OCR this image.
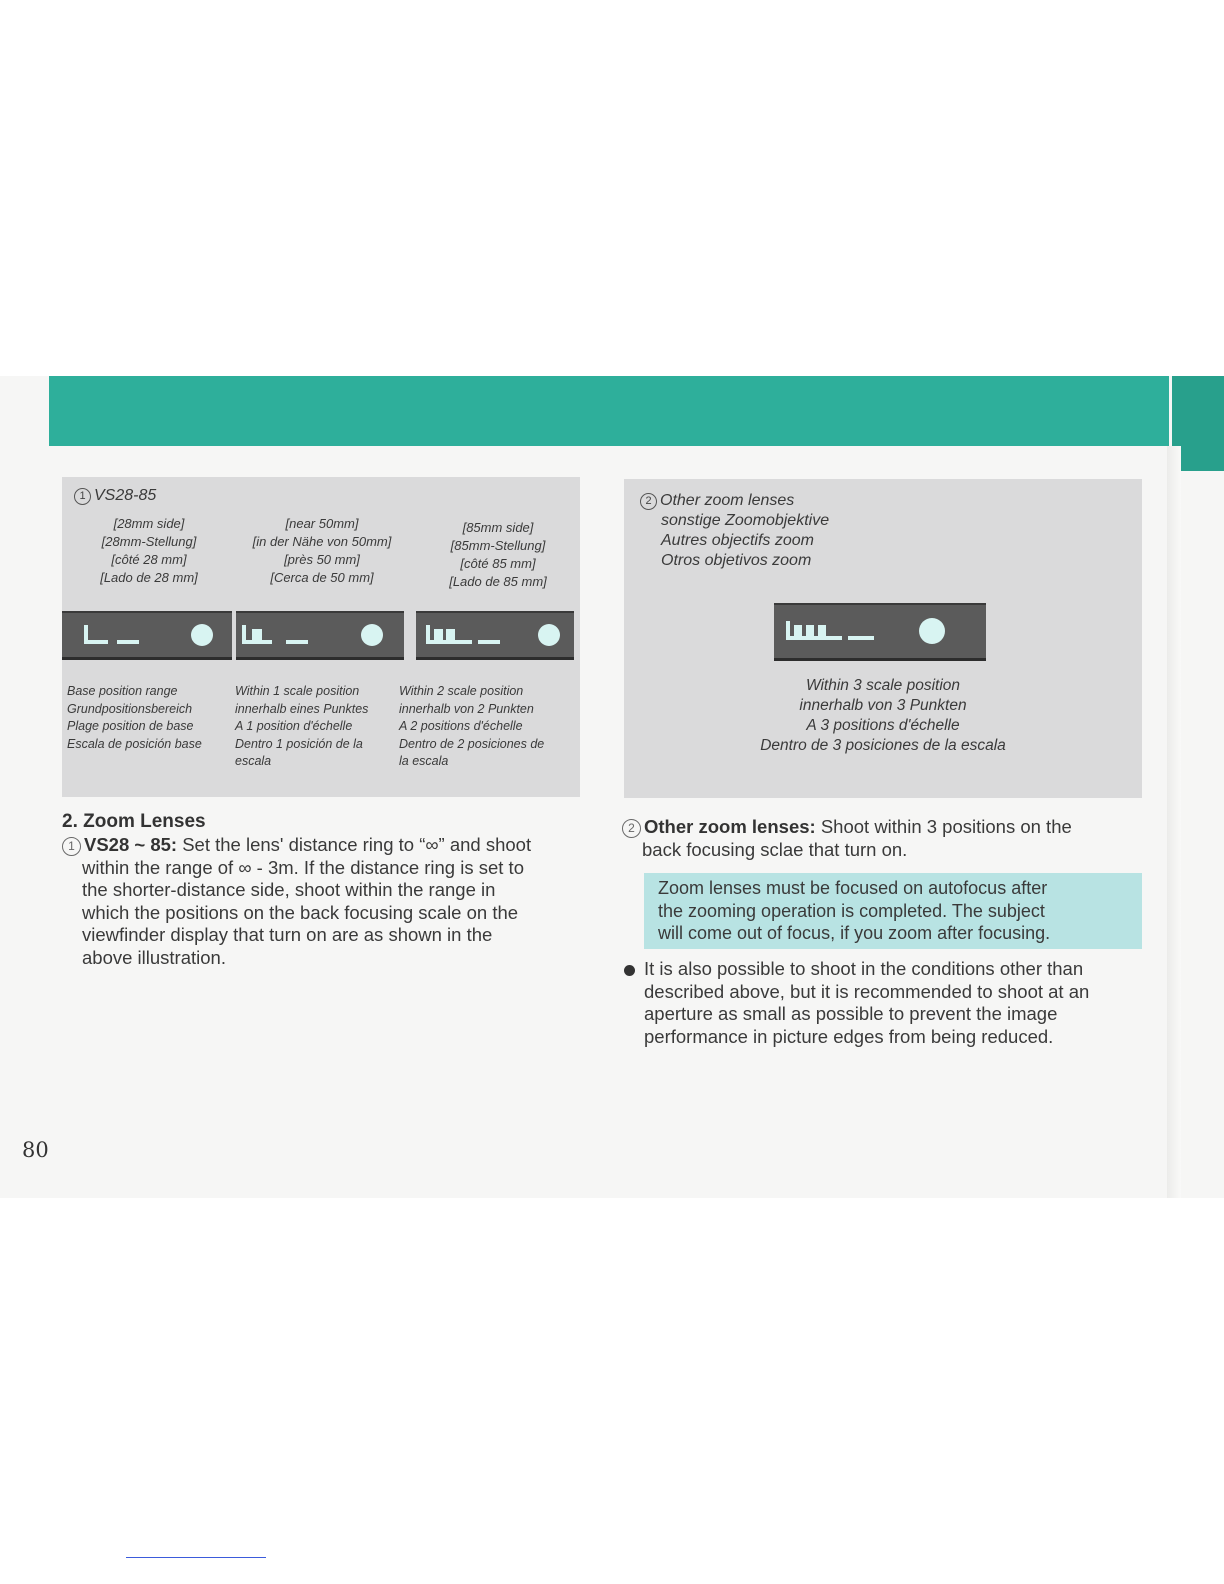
1 VS28-85
[28mm side]
[28mm-Stellung]
[côté 28 mm]
[Lado de 28 mm]
[near 50mm]
[in der Nähe von 50mm]
[près 50 mm]
[Cerca de 50 mm]
[85mm side]
[85mm-Stellung]
[côté 85 mm]
[Lado de 85 mm]
Base position range
Grundpositionsbereich
Plage position de base
Escala de posición base
Within 1 scale position
innerhalb eines Punktes
A 1 position d'échelle
Dentro 1 posición de la
escala
Within 2 scale position
innerhalb von 2 Punkten
A 2 positions d'échelle
Dentro de 2 posiciones de
la escala
2 Other zoom lenses
sonstige Zoomobjektive
Autres objectifs zoom
Otros objetivos zoom
Within 3 scale position
innerhalb von 3 Punkten
A 3 positions d'échelle
Dentro de 3 posiciones de la escala
2. Zoom Lenses
1 VS28 ~ 85: Set the lens' distance ring to “∞” and shoot
within the range of ∞ - 3m. If the distance ring is set to
the shorter-distance side, shoot within the range in
which the positions on the back focusing scale on the
viewfinder display that turn on are as shown in the
above illustration.
2 Other zoom lenses: Shoot within 3 positions on the
back focusing sclae that turn on.
Zoom lenses must be focused on autofocus after
the zooming operation is completed. The subject
will come out of focus, if you zoom after focusing.
It is also possible to shoot in the conditions other than
described above, but it is recommended to shoot at an
aperture as small as possible to prevent the image
performance in picture edges from being reduced.
80
